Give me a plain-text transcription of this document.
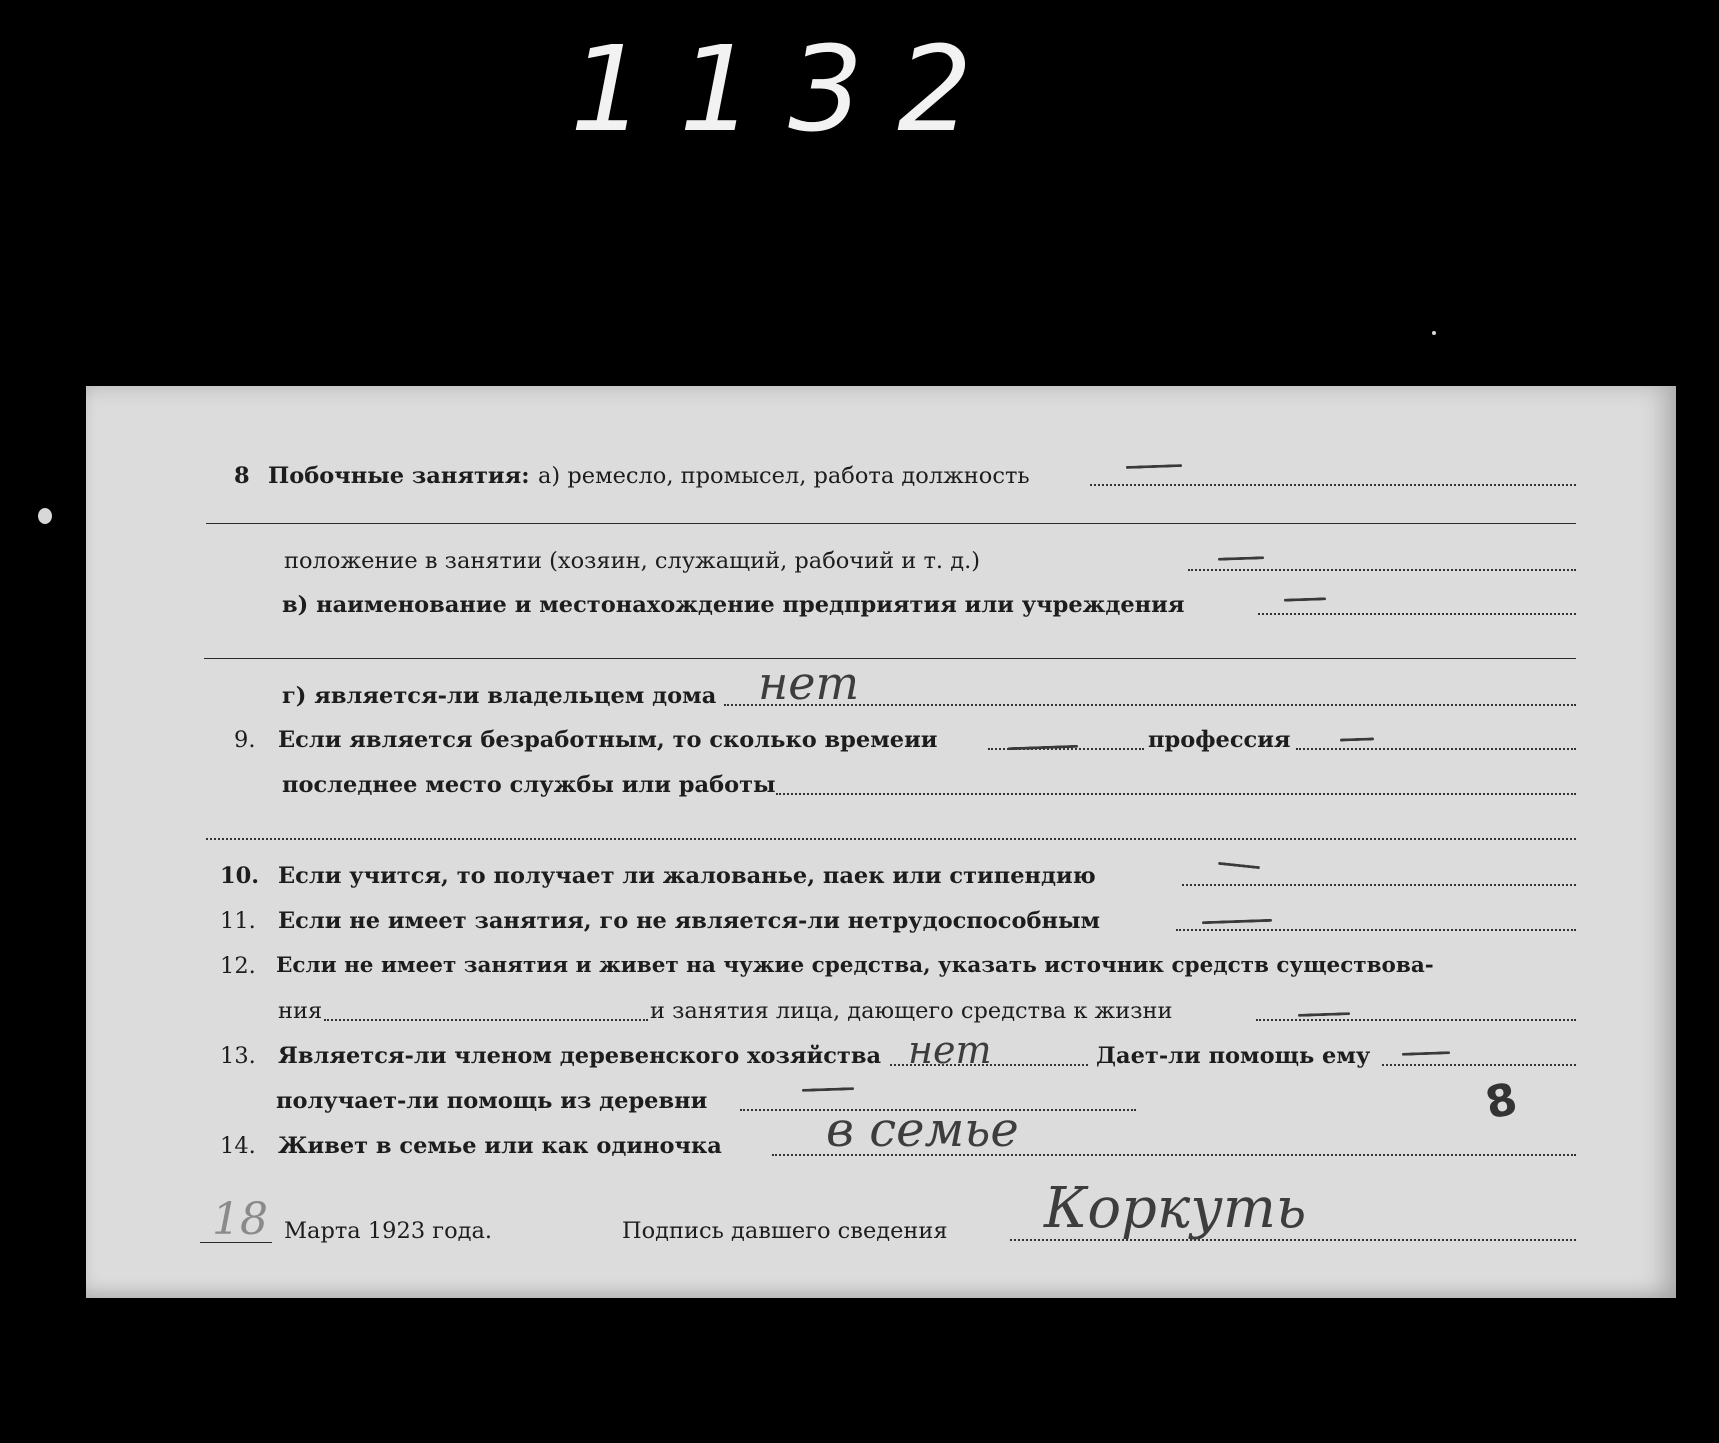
1132
8 Побочные занятия: а) ремесло, промысел, работа должность
положение в занятии (хозяин, служащий, рабочий и т. д.)
в) наименование и местонахождение предприятия или учреждения
г) является-ли владельцем дома нет
9. Если является безработным, то сколько времеии	профессия
последнее место службы или работы
10. Если учится, то получает ли жалованье, паек или стипендию
11. Если не имеет занятия, го не является-ли нетрудоспособным
12. Если не имеет занятия и живет на чужие средства, указать источник средств существова-
ния	и занятия лица, дающего средства к жизни
13. Является-ли членом деревенского хозяйства	Дает-ли помощь ему
нет
получает-ли помощь из деревни
14. Живет в семье или как одиночка в семье
18 Марта 1923 года.	Подпись давшего сведения Коркуть
8
